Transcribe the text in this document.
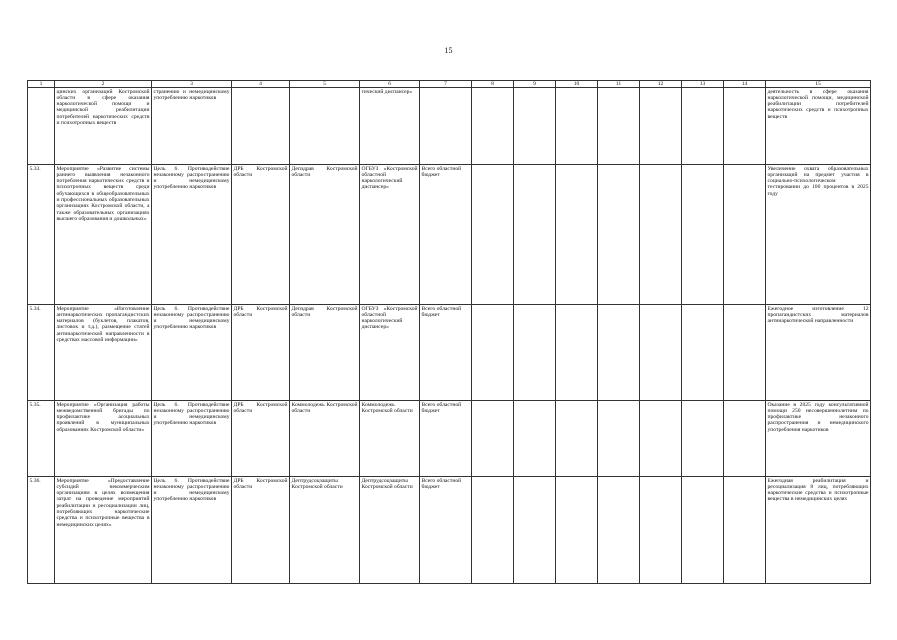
15
1	2	3	4	5	6	7	8	9	10	11	12	13	14	15
	цинских организаций Костромской области в сфере оказания наркологической помощи и медицинской реабилитации потребителей наркотических средств и психотропных веществ	странению и немедицинскому употреблению наркотиков			гический диспансер»									деятельность в сфере оказания наркологической помощи, медицинской реабилитации потребителей наркотических средств и психотропных веществ
5.33.	Мероприятие «Развитие системы раннего выявления незаконного потребления наркотических средств и психотропных веществ среди обучающихся в общеобразовательных и профессиональных образовательных организациях Костромской области, а также образовательных организациях высшего образования и дошкольных»	Цель 6. Противодействие незаконному распространению и немедицинскому употреблению наркотиков	ДРБ Костромской области	Депздрав Костромской области	ОГБУЗ «Костромской областной наркологический диспансер»	Всего областной бюджет								Увеличение охвата образовательных организаций на предмет участия в социально-психологическом тестировании до 100 процентов в 2025 году
5.34.	Мероприятие «Изготовление антинаркотических пропагандистских материалов (буклетов, плакатов, листовок и т.д.), размещение статей антинаркотической направленности в средствах массовой информации»	Цель 6. Противодействие незаконному распространению и немедицинскому употреблению наркотиков	ДРБ Костромской области	Депздрав Костромской области	ОГБУЗ «Костромской областной наркологический диспансер»	Всего областной бюджет								Ежегодное изготовление 12 пропагандистских материалов антинаркотической направленности
5.35.	Мероприятие «Организация работы межведомственной бригады по профилактике асоциальных проявлений в муниципальных образованиях Костромской области»	Цель 6. Противодействие незаконному распространению и немедицинскому употреблению наркотиков	ДРБ Костромской области	Коммолодежь Костромской области	Коммолодежь Костромской области	Всего областной бюджет								Оказание в 2025 году консультативной помощи 250 несовершеннолетним по профилактике незаконного распространения и немедицинского употребления наркотиков
5.36.	Мероприятие «Предоставление субсидий некоммерческим организациям в целях возмещения затрат на проведение мероприятий реабилитации и ресоциализации лиц, потребляющих наркотические средства и психотропные вещества в немедицинских целях»	Цель 6. Противодействие незаконному распространению и немедицинскому употреблению наркотиков	ДРБ Костромской области	Дептрудсоцзащиты Костромской области	Дептрудсоцзащиты Костромской области	Всего областной бюджет								Ежегодная реабилитация и ресоциализация 8 лиц, потребляющих наркотические средства и психотропные вещества в немедицинских целях
